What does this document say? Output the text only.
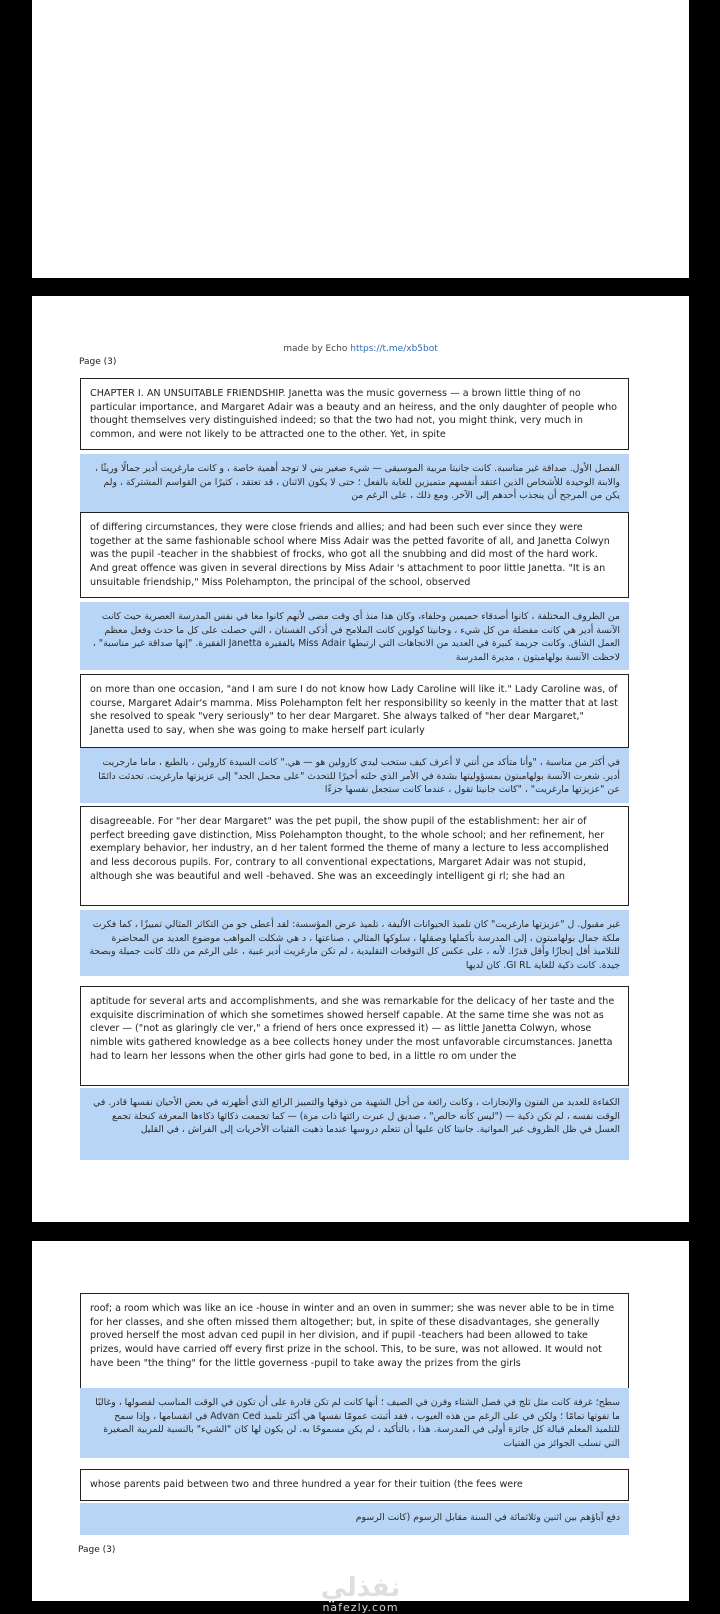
made by Echo https://t.me/xb5bot
Page (3)
CHAPTER I. AN UNSUITABLE FRIENDSHIP. Janetta was the music governess — a brown little thing of no particular importance, and Margaret Adair was a beauty and an heiress, and the only daughter of people who thought themselves very distinguished indeed; so that the two had not, you might think, very much in common, and were not likely to be attracted one to the other. Yet, in spite
الفصل الأول. صداقة غير مناسبة. كانت جانيتا مربية الموسيقى — شيء صغير بني لا توجد أهمية خاصة ، و كانت مارغريت أدير جمالًا وريثًا ، والابنة الوحيدة للأشخاص الذين اعتقد أنفسهم متميزين للغاية بالفعل ؛ حتى لا يكون الاثنان ، قد تعتقد ، كثيرًا من القواسم المشتركة ، ولم يكن من المرجح أن ينجذب أحدهم إلى الآخر. ومع ذلك ، على الرغم من
of differing circumstances, they were close friends and allies; and had been such ever since they were together at the same fashionable school where Miss Adair was the petted favorite of all, and Janetta Colwyn was the pupil -teacher in the shabbiest of frocks, who got all the snubbing and did most of the hard work. And great offence was given in several directions by Miss Adair 's attachment to poor little Janetta. "It is an unsuitable friendship," Miss Polehampton, the principal of the school, observed
من الظروف المختلفة ، كانوا أصدقاء حميمين وحلفاء، وكان هذا منذ أي وقت مضى لأنهم كانوا معا في نفس المدرسة العصرية حيث كانت الآنسة أدير هي كانت مفضلة من كل شيء ، وجانيتا كولوين كانت الملامح في أذكى الفستان ، التي حصلت على كل ما حدث وفعل معظم العمل الشاق. وكانت جريمة كبيرة في العديد من الاتجاهات التي ارتبطها Miss Adair بالفقيرة Janetta الفقيرة. "إنها صداقة غير مناسبة" ، لاحظت الآنسة بولهامبتون ، مديرة المدرسة
on more than one occasion, "and I am sure I do not know how Lady Caroline will like it." Lady Caroline was, of course, Margaret Adair's mamma. Miss Polehampton felt her responsibility so keenly in the matter that at last she resolved to speak "very seriously" to her dear Margaret. She always talked of "her dear Margaret," Janetta used to say, when she was going to make herself part icularly
في أكثر من مناسبة ، "وأنا متأكد من أنني لا أعرف كيف ستحب ليدي كارولين هو — هي." كانت السيدة كارولين ، بالطبع ، ماما مارجريت أدير. شعرت الآنسة بولهامبتون بمسؤوليتها بشدة في الأمر الذي حلته أخيرًا للتحدث "على محمل الجد" إلى عزيزتها مارغريت. تحدثت دائمًا عن "عزيزتها مارغريت" ، "كانت جانيتا تقول ، عندما كانت ستجعل نفسها جزءًا
disagreeable. For "her dear Margaret" was the pet pupil, the show pupil of the establishment: her air of perfect breeding gave distinction, Miss Polehampton thought, to the whole school; and her refinement, her exemplary behavior, her industry, an d her talent formed the theme of many a lecture to less accomplished and less decorous pupils. For, contrary to all conventional expectations, Margaret Adair was not stupid, although she was beautiful and well -behaved. She was an exceedingly intelligent gi rl; she had an
غير مقبول. ل "عزيزتها مارغريت" كان تلميذ الحيوانات الأليفة ، تلميذ عرض المؤسسة: لقد أعطى جو من التكاثر المثالي تمييزًا ، كما فكرت ملكة جمال بولهامبتون ، إلى المدرسة بأكملها وصقلها ، سلوكها المثالي ، صناعتها ، د هي شكلت المواهب موضوع العديد من المحاضرة للتلاميذ أقل إنجازًا وأقل قدرًا. لأنه ، على عكس كل التوقعات التقليدية ، لم تكن مارغريت أدير غبية ، على الرغم من ذلك كانت جميلة وبصحة جيدة. كانت ذكية للغاية GI RL. كان لديها
aptitude for several arts and accomplishments, and she was remarkable for the delicacy of her taste and the exquisite discrimination of which she sometimes showed herself capable. At the same time she was not as clever — ("not as glaringly cle ver," a friend of hers once expressed it) — as little Janetta Colwyn, whose nimble wits gathered knowledge as a bee collects honey under the most unfavorable circumstances. Janetta had to learn her lessons when the other girls had gone to bed, in a little ro om under the
الكفاءة للعديد من الفنون والإنجازات ، وكانت رائعة من أجل الشهية من ذوقها والتمييز الرائع الذي أظهرته في بعض الأحيان نفسها قادر. في الوقت نفسه ، لم تكن ذكية — ("ليس كأنه خالص" ، صديق ل عبرت رائتها ذات مرة) — كما تجمعت ذكائها ذكاءها المعرفة كنحلة تجمع العسل في ظل الظروف غير المواتية. جانيتا كان عليها أن تتعلم دروسها عندما ذهبت الفتيات الأخريات إلى الفراش ، في القليل
roof; a room which was like an ice -house in winter and an oven in summer; she was never able to be in time for her classes, and she often missed them altogether; but, in spite of these disadvantages, she generally proved herself the most advan ced pupil in her division, and if pupil -teachers had been allowed to take prizes, would have carried off every first prize in the school. This, to be sure, was not allowed. It would not have been "the thing" for the little governess -pupil to take away the prizes from the girls
سطح؛ غرفة كانت مثل ثلج في فصل الشتاء وفرن في الصيف ؛ أنها كانت لم تكن قادرة على أن تكون في الوقت المناسب لفصولها ، وغالبًا ما تفوتها تمامًا ؛ ولكن في على الرغم من هذه العيوب ، فقد أثبتت عمومًا نفسها هي أكثر تلميذ Advan Ced في انقسامها ، وإذا سمح للتلميذ المعلم قبالة كل جائزة أولى في المدرسة. هذا ، بالتأكيد ، لم يكن مسموحًا به. لن يكون لها كان "الشيء" بالنسبة للمربية الصغيرة التي تسلب الجوائز من الفتيات
whose parents paid between two and three hundred a year for their tuition (the fees were
دفع آباؤهم بين اثنين وثلاثمائة في السنة مقابل الرسوم (كانت الرسوم
Page (3)
نفذلي
nafezly.com
